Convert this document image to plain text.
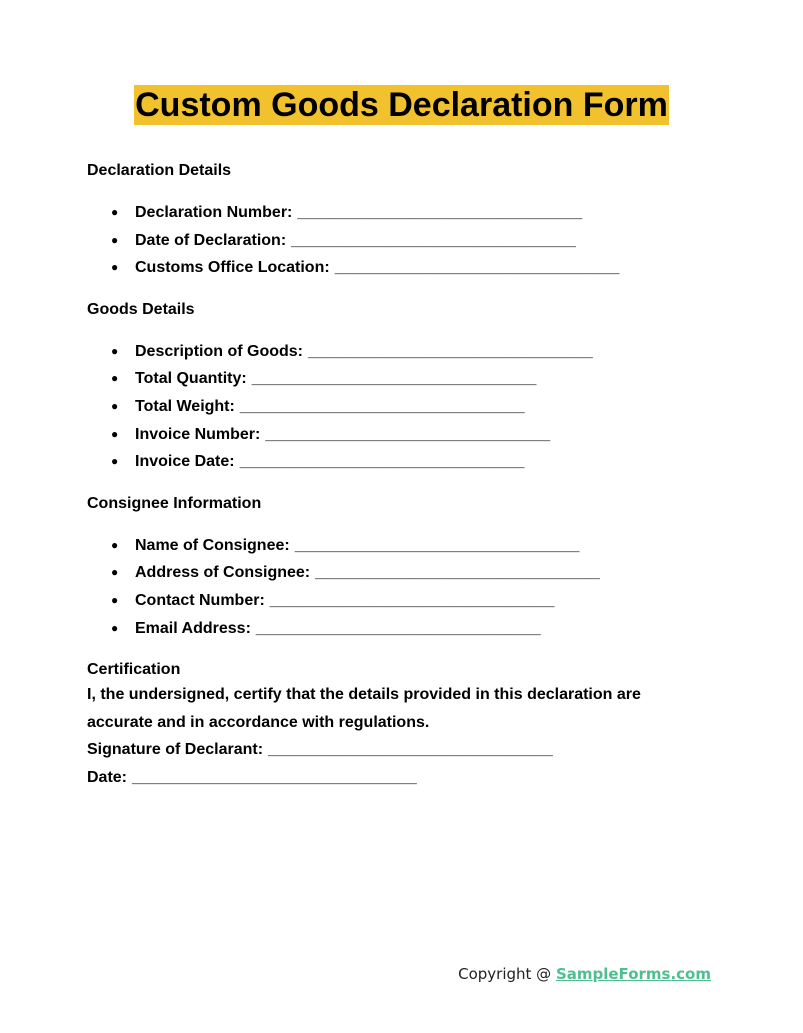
Custom Goods Declaration Form
Declaration Details
● Declaration Number: ________________________________
● Date of Declaration: ________________________________
● Customs Office Location: ________________________________
Goods Details
● Description of Goods: ________________________________
● Total Quantity: ________________________________
● Total Weight: ________________________________
● Invoice Number: ________________________________
● Invoice Date: ________________________________
Consignee Information
● Name of Consignee: ________________________________
● Address of Consignee: ________________________________
● Contact Number: ________________________________
● Email Address: ________________________________
Certification
I, the undersigned, certify that the details provided in this declaration are
accurate and in accordance with regulations.
Signature of Declarant: ________________________________
Date: ________________________________
Copyright @ SampleForms.com
